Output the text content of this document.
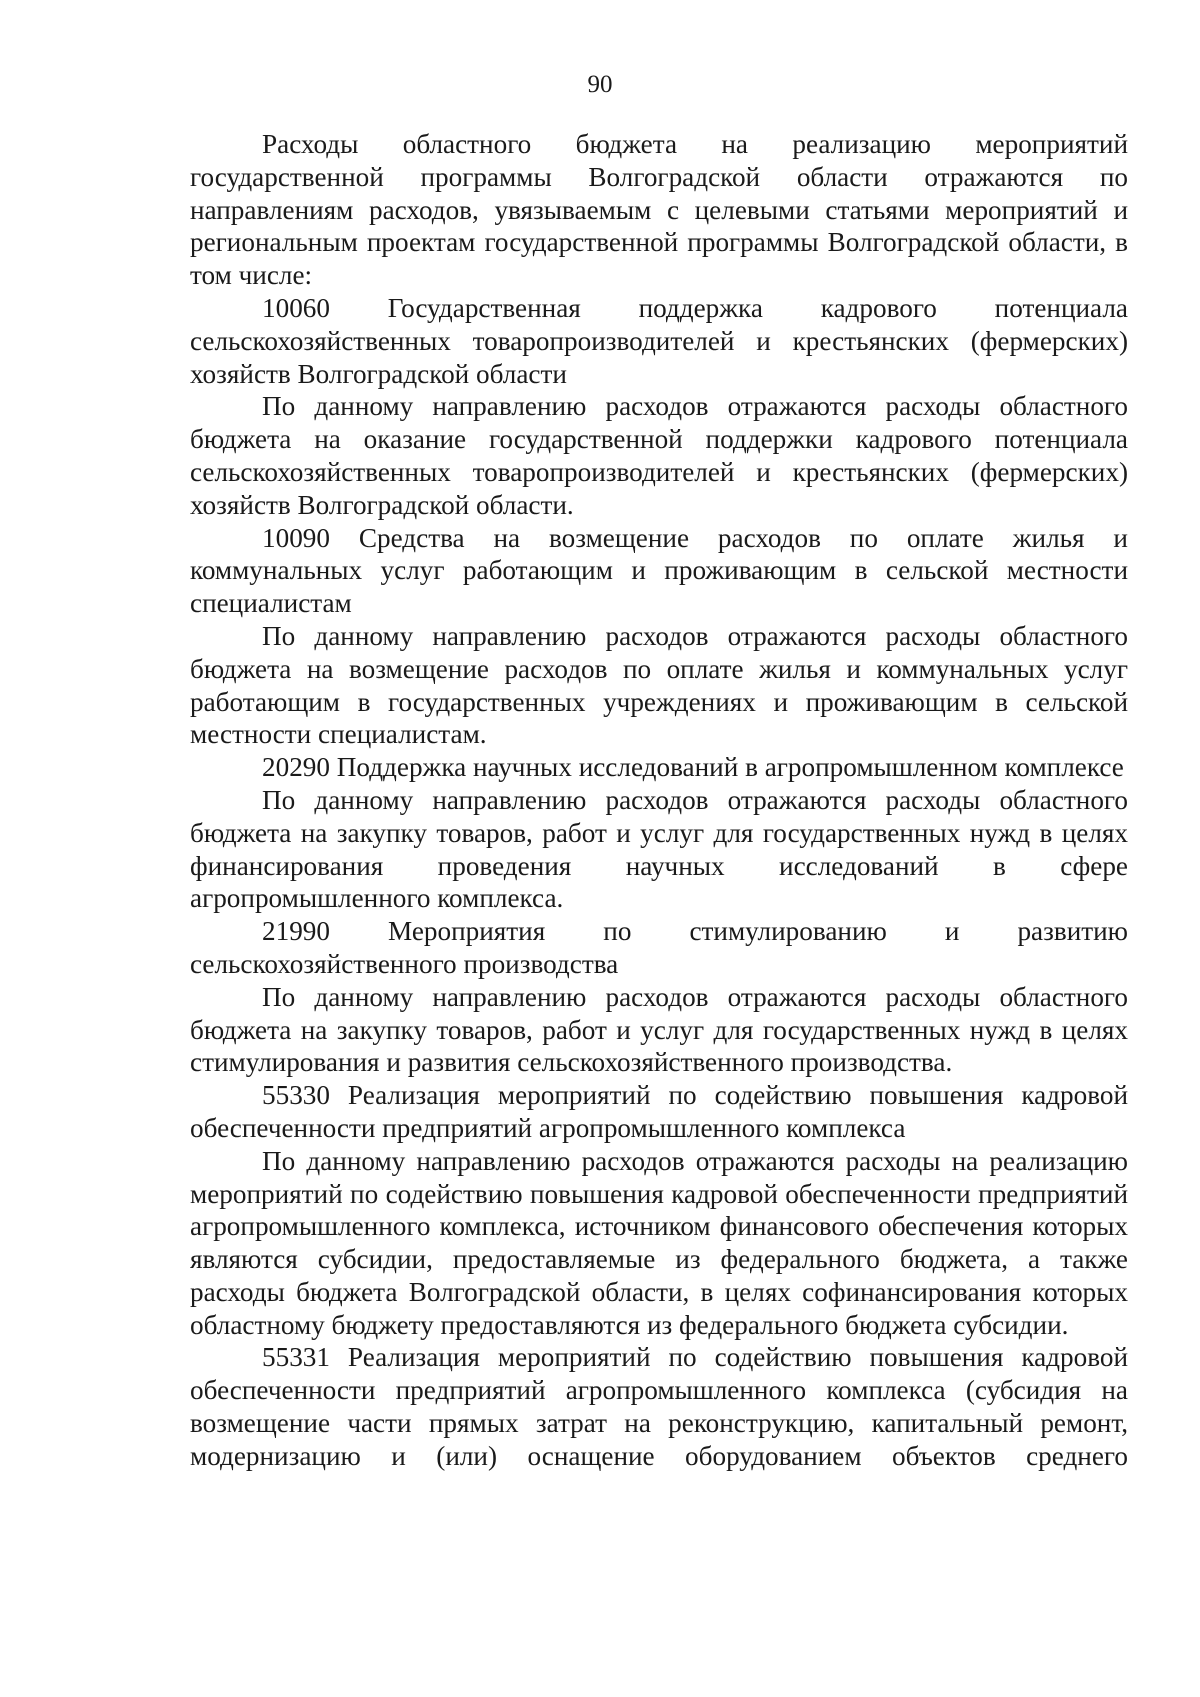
90

Расходы областного бюджета на реализацию мероприятий государственной программы Волгоградской области отражаются по направлениям расходов, увязываемым с целевыми статьями мероприятий и региональным проектам государственной программы Волгоградской области, в том числе:

10060 Государственная поддержка кадрового потенциала сельскохозяйственных товаропроизводителей и крестьянских (фермерских) хозяйств Волгоградской области

По данному направлению расходов отражаются расходы областного бюджета на оказание государственной поддержки кадрового потенциала сельскохозяйственных товаропроизводителей и крестьянских (фермерских) хозяйств Волгоградской области.

10090 Средства на возмещение расходов по оплате жилья и коммунальных услуг работающим и проживающим в сельской местности специалистам

По данному направлению расходов отражаются расходы областного бюджета на возмещение расходов по оплате жилья и коммунальных услуг работающим в государственных учреждениях и проживающим в сельской местности специалистам.

20290 Поддержка научных исследований в агропромышленном комплексе

По данному направлению расходов отражаются расходы областного бюджета на закупку товаров, работ и услуг для государственных нужд в целях финансирования проведения научных исследований в сфере агропромышленного комплекса.

21990 Мероприятия по стимулированию и развитию сельскохозяйственного производства

По данному направлению расходов отражаются расходы областного бюджета на закупку товаров, работ и услуг для государственных нужд в целях стимулирования и развития сельскохозяйственного производства.

55330 Реализация мероприятий по содействию повышения кадровой обеспеченности предприятий агропромышленного комплекса

По данному направлению расходов отражаются расходы на реализацию мероприятий по содействию повышения кадровой обеспеченности предприятий агропромышленного комплекса, источником финансового обеспечения которых являются субсидии, предоставляемые из федерального бюджета, а также расходы бюджета Волгоградской области, в целях софинансирования которых областному бюджету предоставляются из федерального бюджета субсидии.

55331 Реализация мероприятий по содействию повышения кадровой обеспеченности предприятий агропромышленного комплекса (субсидия на возмещение части прямых затрат на реконструкцию, капитальный ремонт, модернизацию и (или) оснащение оборудованием объектов среднего
